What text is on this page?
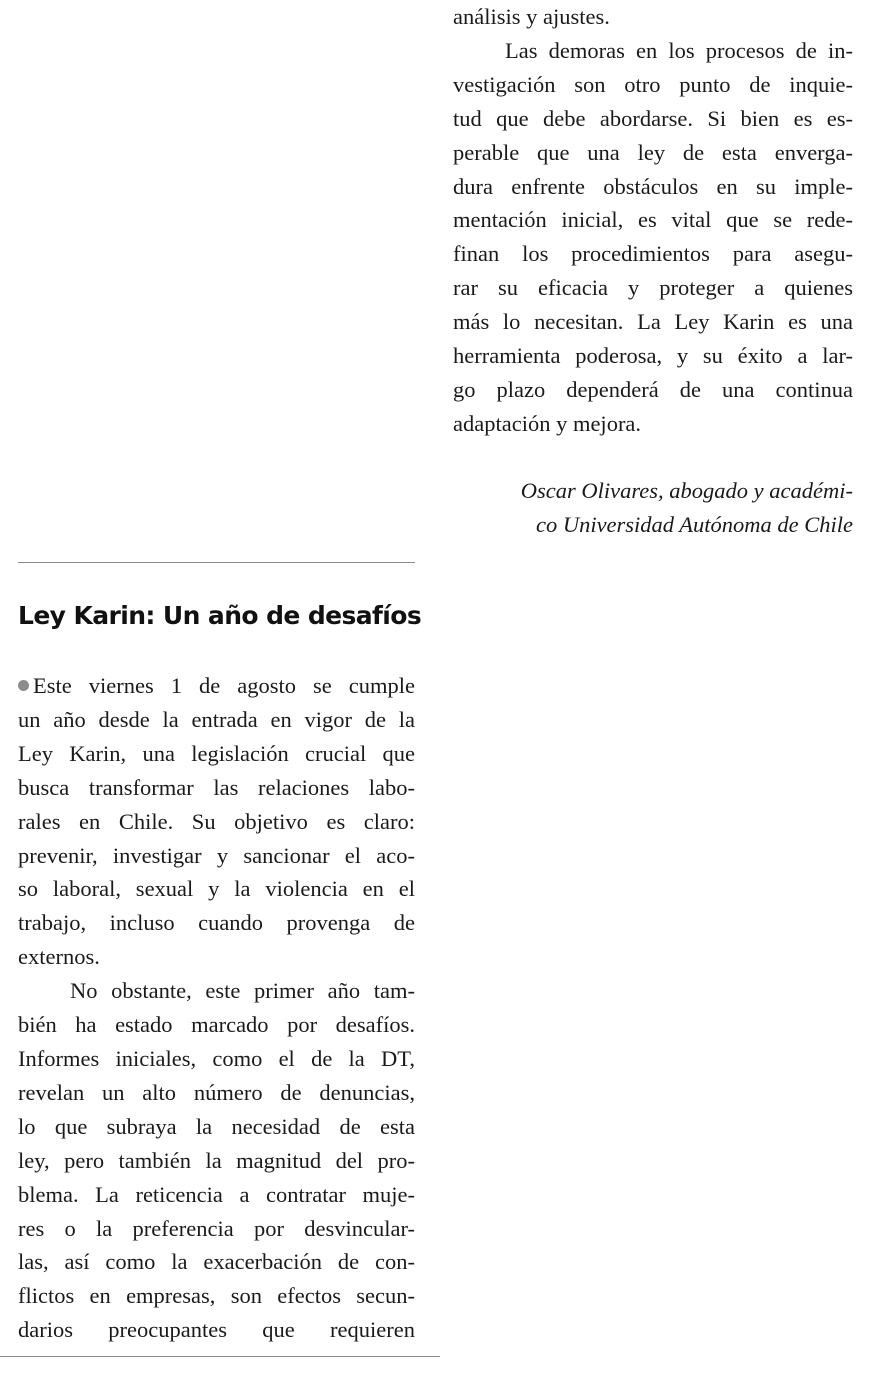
análisis y ajustes.
Las demoras en los procesos de in-
vestigación son otro punto de inquie-
tud que debe abordarse. Si bien es es-
perable que una ley de esta enverga-
dura enfrente obstáculos en su imple-
mentación inicial, es vital que se rede-
finan los procedimientos para asegu-
rar su eficacia y proteger a quienes
más lo necesitan. La Ley Karin es una
herramienta poderosa, y su éxito a lar-
go plazo dependerá de una continua
adaptación y mejora.
Oscar Olivares, abogado y académi-
co Universidad Autónoma de Chile
Ley Karin: Un año de desafíos
Este viernes 1 de agosto se cumple
un año desde la entrada en vigor de la
Ley Karin, una legislación crucial que
busca transformar las relaciones labo-
rales en Chile. Su objetivo es claro:
prevenir, investigar y sancionar el aco-
so laboral, sexual y la violencia en el
trabajo, incluso cuando provenga de
externos.
No obstante, este primer año tam-
bién ha estado marcado por desafíos.
Informes iniciales, como el de la DT,
revelan un alto número de denuncias,
lo que subraya la necesidad de esta
ley, pero también la magnitud del pro-
blema. La reticencia a contratar muje-
res o la preferencia por desvincular-
las, así como la exacerbación de con-
flictos en empresas, son efectos secun-
darios preocupantes que requieren
